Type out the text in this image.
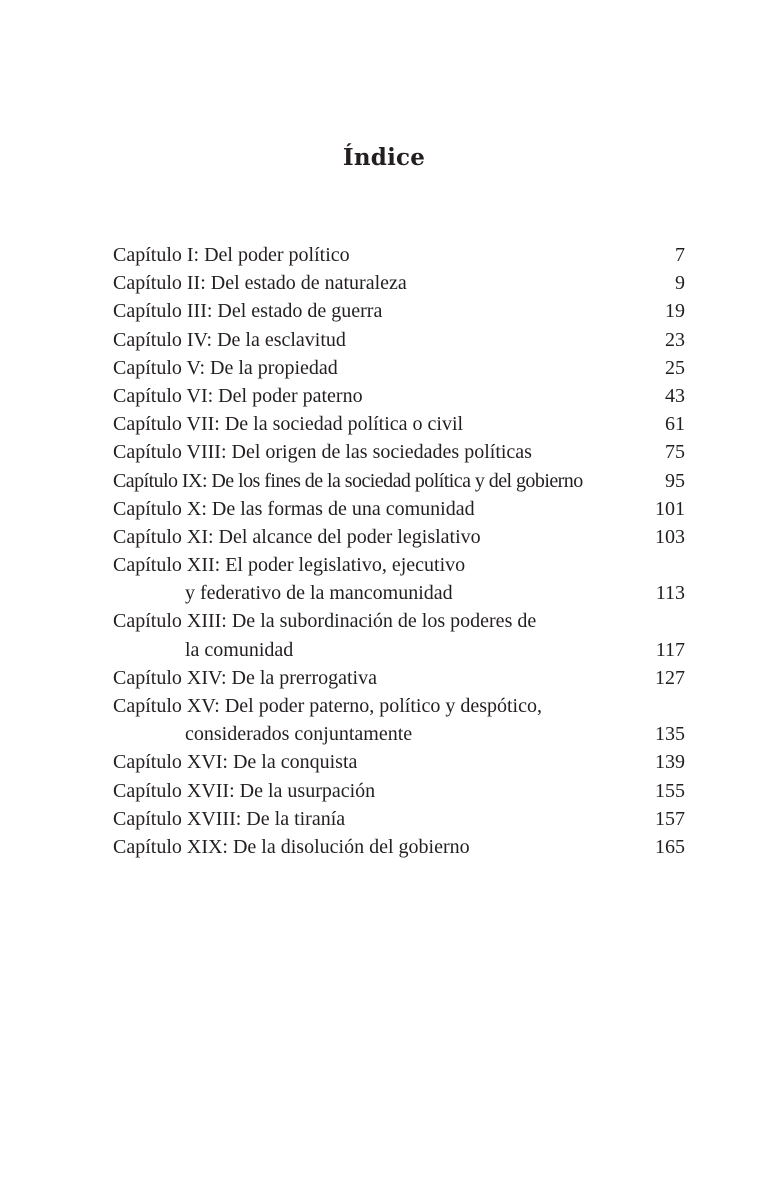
Índice
Capítulo I: Del poder político	7
Capítulo II: Del estado de naturaleza	9
Capítulo III: Del estado de guerra	19
Capítulo IV: De la esclavitud	23
Capítulo V: De la propiedad	25
Capítulo VI: Del poder paterno	43
Capítulo VII: De la sociedad política o civil	61
Capítulo VIII: Del origen de las sociedades políticas	75
Capítulo IX: De los fines de la sociedad política y del gobierno	95
Capítulo X: De las formas de una comunidad	101
Capítulo XI: Del alcance del poder legislativo	103
Capítulo XII: El poder legislativo, ejecutivo
y federativo de la mancomunidad	113
Capítulo XIII: De la subordinación de los poderes de
la comunidad	117
Capítulo XIV: De la prerrogativa	127
Capítulo XV: Del poder paterno, político y despótico,
considerados conjuntamente	135
Capítulo XVI: De la conquista	139
Capítulo XVII: De la usurpación	155
Capítulo XVIII: De la tiranía	157
Capítulo XIX: De la disolución del gobierno	165
